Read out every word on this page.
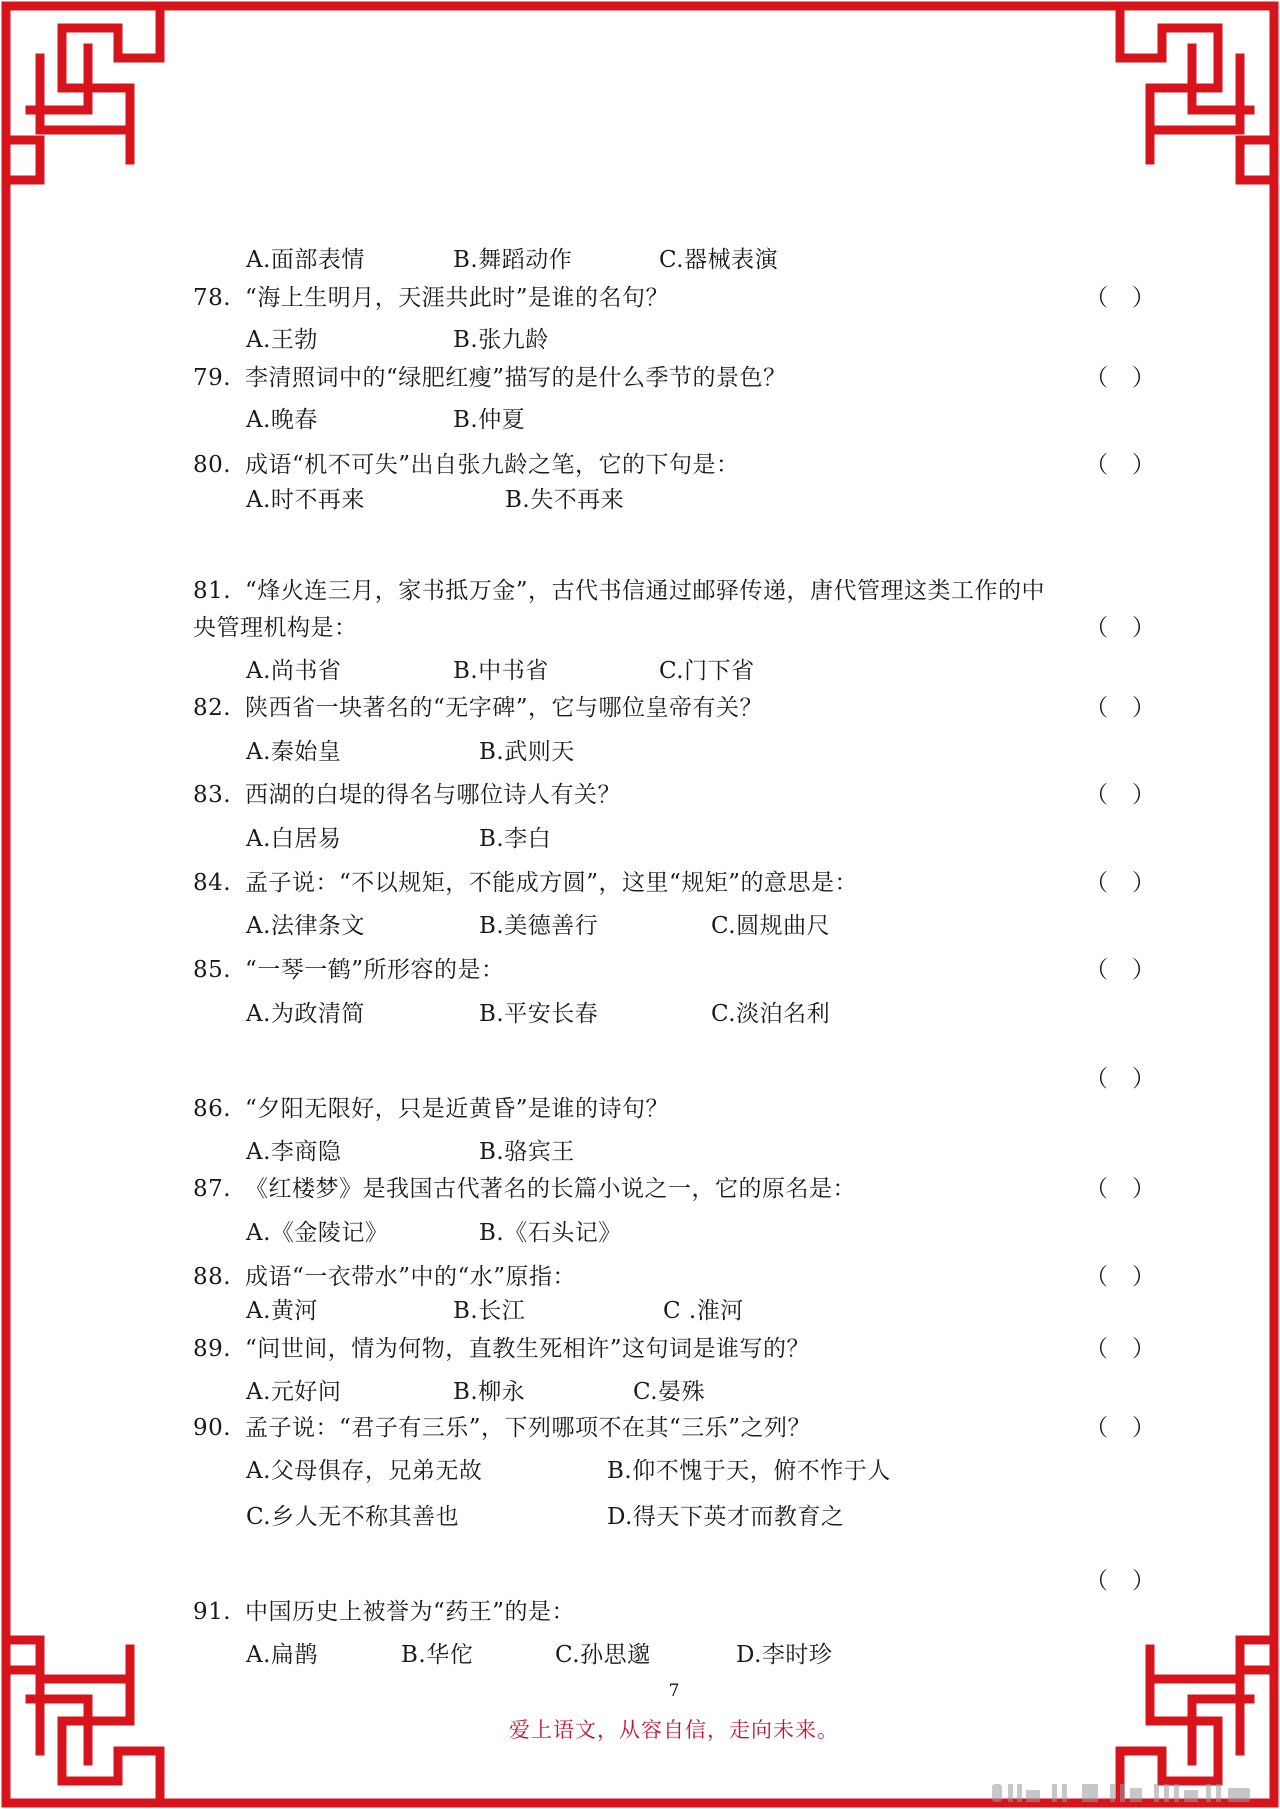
A.面部表情	B.舞蹈动作	C.器械表演
78. “海上生明月，天涯共此时”是谁的名句？	（ ）
A.王勃	B.张九龄
79. 李清照词中的“绿肥红瘦”描写的是什么季节的景色？	（ ）
A.晚春	B.仲夏
80. 成语“机不可失”出自张九龄之笔，它的下句是：	（ ）
A.时不再来	B.失不再来
81. “烽火连三月，家书抵万金”，古代书信通过邮驿传递，唐代管理这类工作的中
央管理机构是：	（ ）
A.尚书省	B.中书省	C.门下省
82. 陕西省一块著名的“无字碑”，它与哪位皇帝有关？	（ ）
A.秦始皇	B.武则天
83. 西湖的白堤的得名与哪位诗人有关？	（ ）
A.白居易	B.李白
84. 孟子说：“不以规矩，不能成方圆”，这里“规矩”的意思是：	（ ）
A.法律条文	B.美德善行	C.圆规曲尺
85. “一琴一鹤”所形容的是：	（ ）
A.为政清简	B.平安长春	C.淡泊名利
（ ）
86. “夕阳无限好，只是近黄昏”是谁的诗句？
A.李商隐	B.骆宾王
87. 《红楼梦》是我国古代著名的长篇小说之一，它的原名是：	（ ）
A.《金陵记》	B.《石头记》
88. 成语“一衣带水”中的“水”原指：	（ ）
A.黄河	B.长江	C .淮河
89. “问世间，情为何物，直教生死相许”这句词是谁写的？	（ ）
A.元好问	B.柳永	C.晏殊
90. 孟子说：“君子有三乐”，下列哪项不在其“三乐”之列？	（ ）
A.父母俱存，兄弟无故	B.仰不愧于天，俯不怍于人
C.乡人无不称其善也	D.得天下英才而教育之
（ ）
91. 中国历史上被誉为“药王”的是：
A.扁鹊	B.华佗	C.孙思邈	D.李时珍
7
爱上语文，从容自信，走向未来。
